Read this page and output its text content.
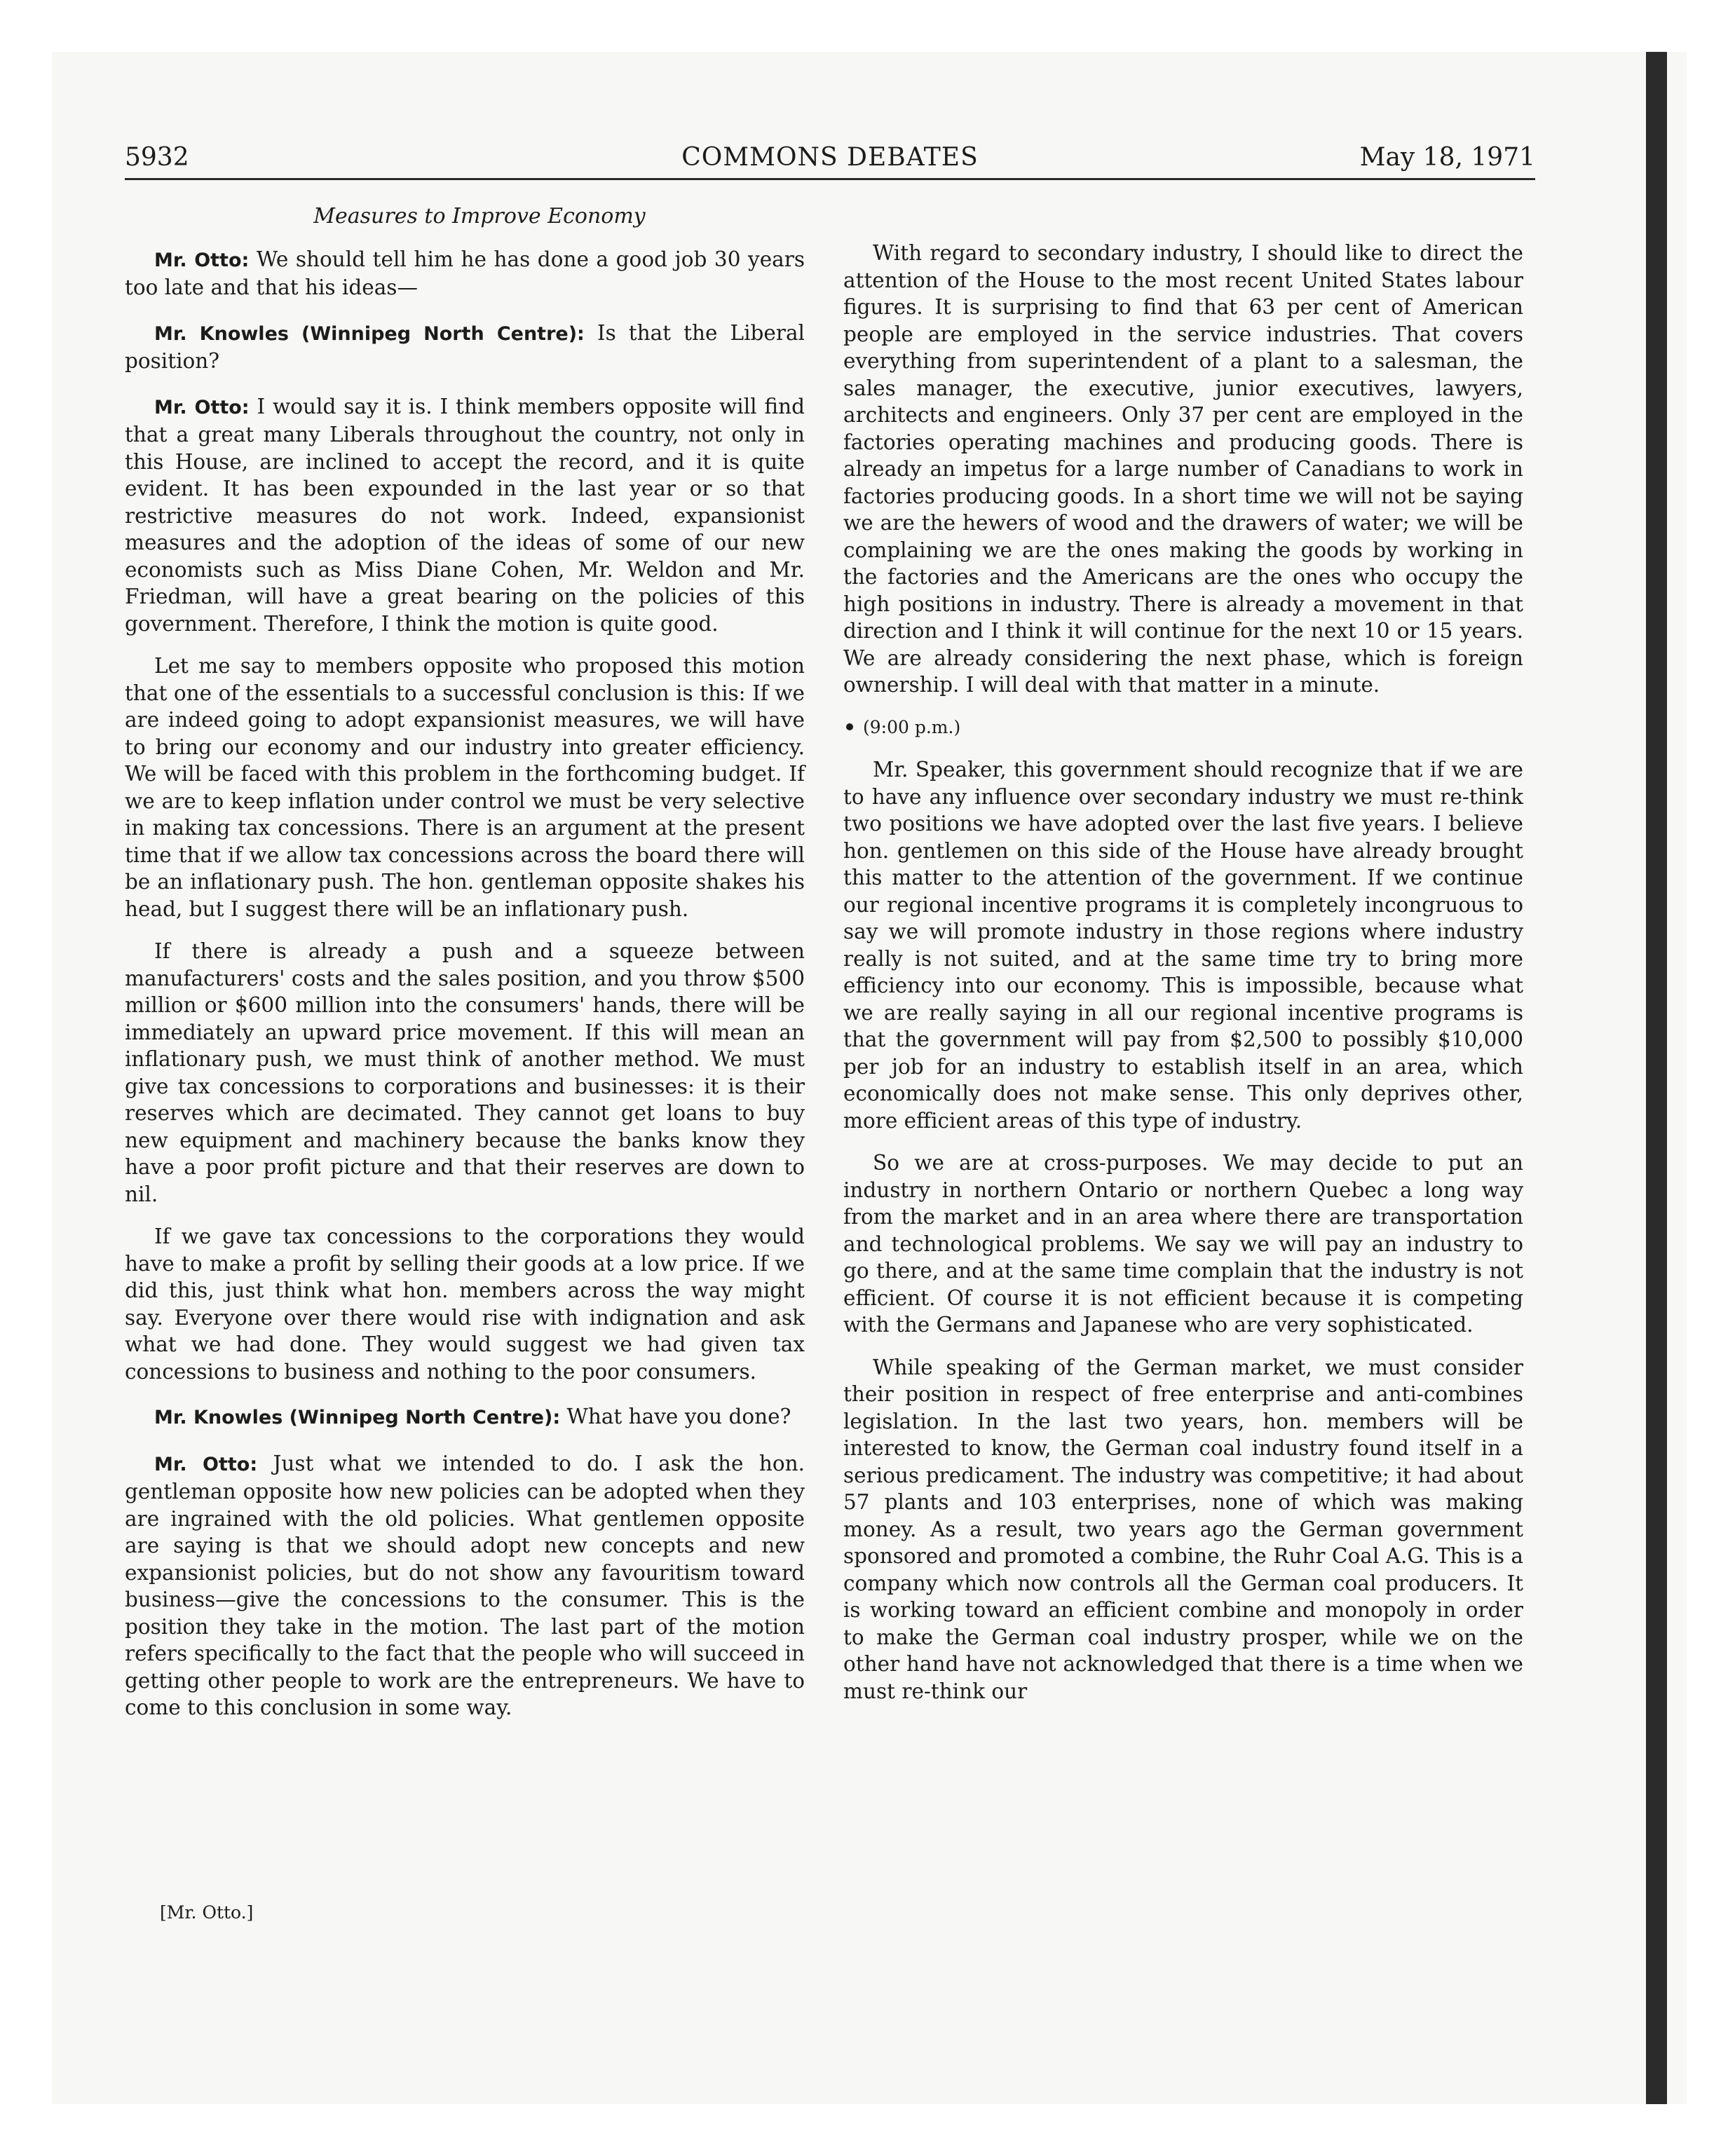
5932	COMMONS DEBATES	May 18, 1971

Measures to Improve Economy

Mr. Otto: We should tell him he has done a good job 30 years too late and that his ideas—

Mr. Knowles (Winnipeg North Centre): Is that the Liberal position?

Mr. Otto: I would say it is. I think members opposite will find that a great many Liberals throughout the country, not only in this House, are inclined to accept the record, and it is quite evident. It has been expounded in the last year or so that restrictive measures do not work. Indeed, expansionist measures and the adoption of the ideas of some of our new economists such as Miss Diane Cohen, Mr. Weldon and Mr. Friedman, will have a great bearing on the policies of this government. Therefore, I think the motion is quite good.

Let me say to members opposite who proposed this motion that one of the essentials to a successful conclusion is this: If we are indeed going to adopt expansionist measures, we will have to bring our economy and our industry into greater efficiency. We will be faced with this problem in the forthcoming budget. If we are to keep inflation under control we must be very selective in making tax concessions. There is an argument at the present time that if we allow tax concessions across the board there will be an inflationary push. The hon. gentleman opposite shakes his head, but I suggest there will be an inflationary push.

If there is already a push and a squeeze between manufacturers' costs and the sales position, and you throw $500 million or $600 million into the consumers' hands, there will be immediately an upward price movement. If this will mean an inflationary push, we must think of another method. We must give tax concessions to corporations and businesses: it is their reserves which are decimated. They cannot get loans to buy new equipment and machinery because the banks know they have a poor profit picture and that their reserves are down to nil.

If we gave tax concessions to the corporations they would have to make a profit by selling their goods at a low price. If we did this, just think what hon. members across the way might say. Everyone over there would rise with indignation and ask what we had done. They would suggest we had given tax concessions to business and nothing to the poor consumers.

Mr. Knowles (Winnipeg North Centre): What have you done?

Mr. Otto: Just what we intended to do. I ask the hon. gentleman opposite how new policies can be adopted when they are ingrained with the old policies. What gentlemen opposite are saying is that we should adopt new concepts and new expansionist policies, but do not show any favouritism toward business—give the concessions to the consumer. This is the position they take in the motion. The last part of the motion refers specifically to the fact that the people who will succeed in getting other people to work are the entrepreneurs. We have to come to this conclusion in some way.

With regard to secondary industry, I should like to direct the attention of the House to the most recent United States labour figures. It is surprising to find that 63 per cent of American people are employed in the service industries. That covers everything from superintendent of a plant to a salesman, the sales manager, the executive, junior executives, lawyers, architects and engineers. Only 37 per cent are employed in the factories operating machines and producing goods. There is already an impetus for a large number of Canadians to work in factories producing goods. In a short time we will not be saying we are the hewers of wood and the drawers of water; we will be complaining we are the ones making the goods by working in the factories and the Americans are the ones who occupy the high positions in industry. There is already a movement in that direction and I think it will continue for the next 10 or 15 years. We are already considering the next phase, which is foreign ownership. I will deal with that matter in a minute.

(9:00 p.m.)

Mr. Speaker, this government should recognize that if we are to have any influence over secondary industry we must re-think two positions we have adopted over the last five years. I believe hon. gentlemen on this side of the House have already brought this matter to the attention of the government. If we continue our regional incentive programs it is completely incongruous to say we will promote industry in those regions where industry really is not suited, and at the same time try to bring more efficiency into our economy. This is impossible, because what we are really saying in all our regional incentive programs is that the government will pay from $2,500 to possibly $10,000 per job for an industry to establish itself in an area, which economically does not make sense. This only deprives other, more efficient areas of this type of industry.

So we are at cross-purposes. We may decide to put an industry in northern Ontario or northern Quebec a long way from the market and in an area where there are transportation and technological problems. We say we will pay an industry to go there, and at the same time complain that the industry is not efficient. Of course it is not efficient because it is competing with the Germans and Japanese who are very sophisticated.

While speaking of the German market, we must consider their position in respect of free enterprise and anti-combines legislation. In the last two years, hon. members will be interested to know, the German coal industry found itself in a serious predicament. The industry was competitive; it had about 57 plants and 103 enterprises, none of which was making money. As a result, two years ago the German government sponsored and promoted a combine, the Ruhr Coal A.G. This is a company which now controls all the German coal producers. It is working toward an efficient combine and monopoly in order to make the German coal industry prosper, while we on the other hand have not acknowledged that there is a time when we must re-think our

[Mr. Otto.]
